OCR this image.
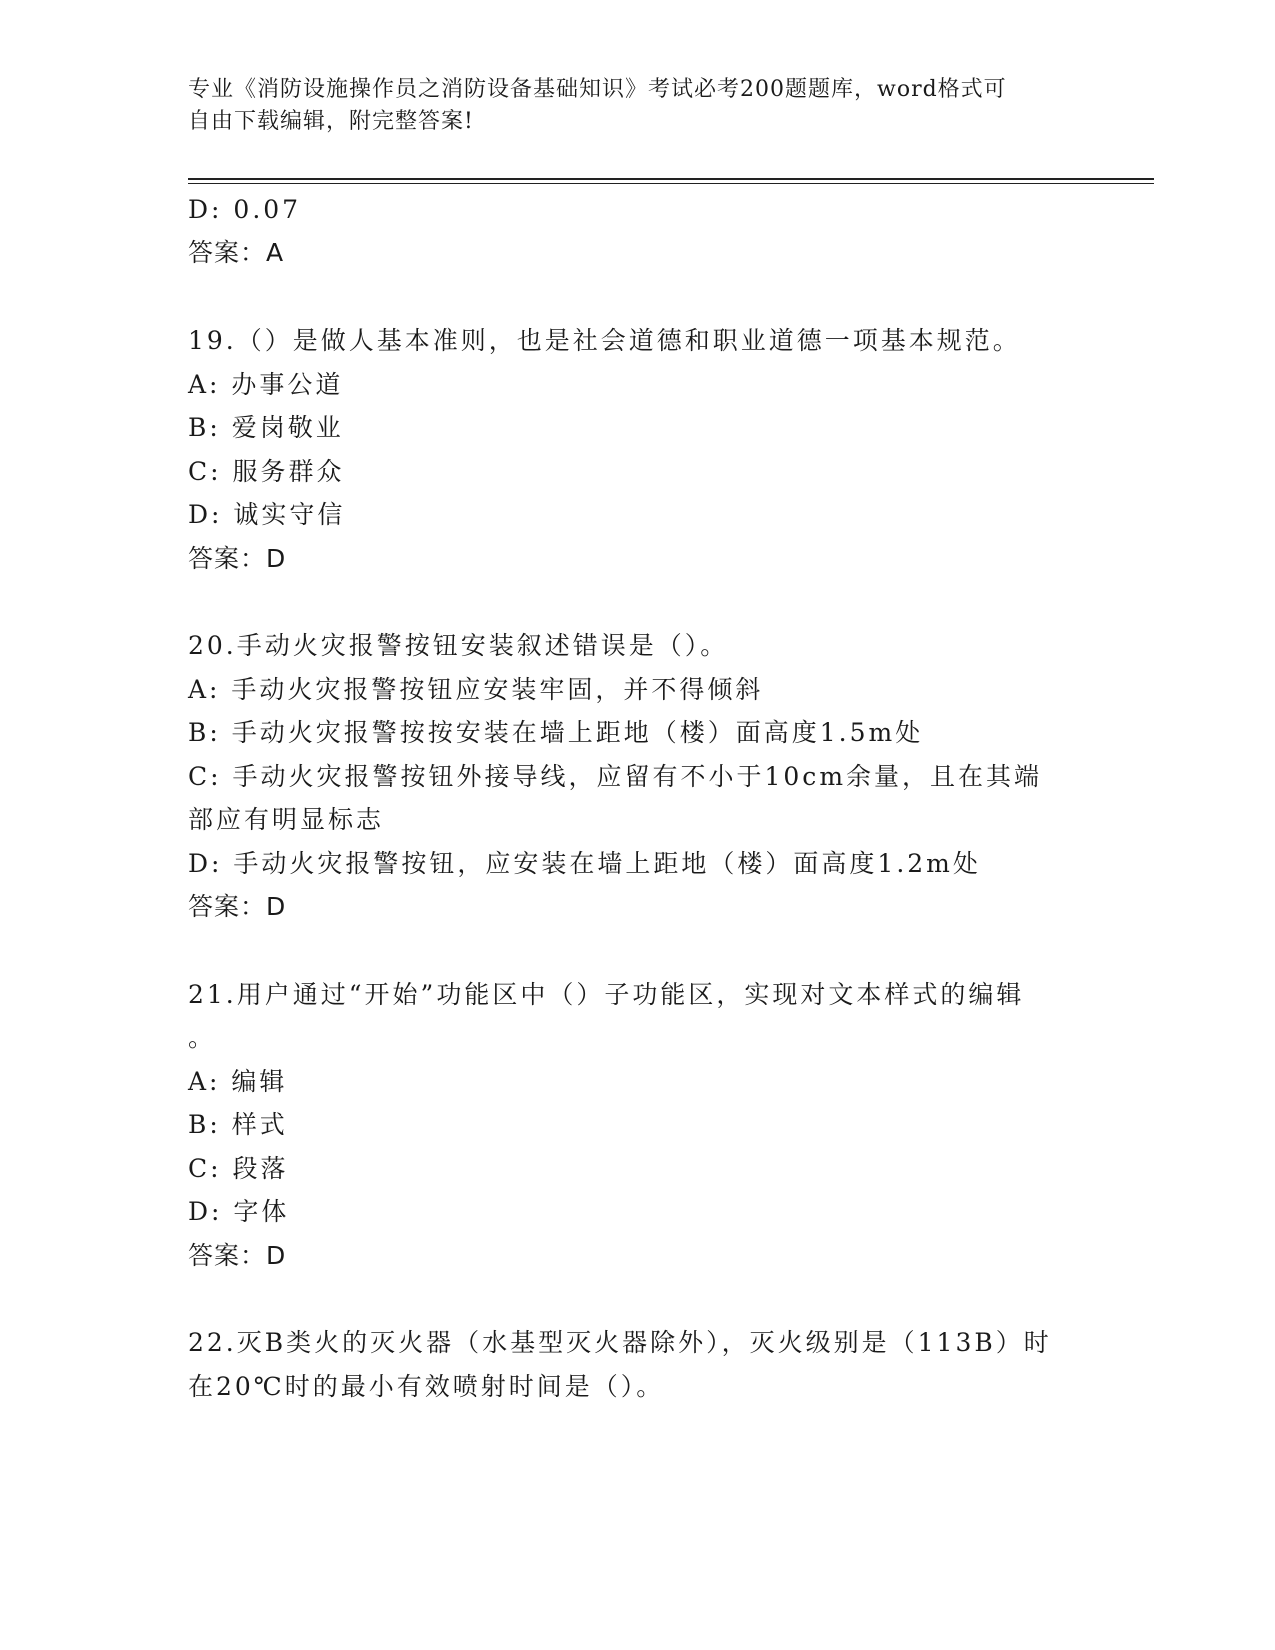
专业《消防设施操作员之消防设备基础知识》考试必考200题题库，word格式可
自由下载编辑，附完整答案!
D: 0.07
答案：A
19.（）是做人基本准则，也是社会道德和职业道德一项基本规范。
A: 办事公道
B: 爱岗敬业
C: 服务群众
D: 诚实守信
答案：D
20.手动火灾报警按钮安装叙述错误是（）。
A: 手动火灾报警按钮应安装牢固，并不得倾斜
B: 手动火灾报警按按安装在墙上距地（楼）面高度1.5m处
C: 手动火灾报警按钮外接导线，应留有不小于10cm余量，且在其端
部应有明显标志
D: 手动火灾报警按钮，应安装在墙上距地（楼）面高度1.2m处
答案：D
21.用户通过“开始”功能区中（）子功能区，实现对文本样式的编辑
。
A: 编辑
B: 样式
C: 段落
D: 字体
答案：D
22.灭B类火的灭火器（水基型灭火器除外），灭火级别是（113B）时
在20℃时的最小有效喷射时间是（）。
